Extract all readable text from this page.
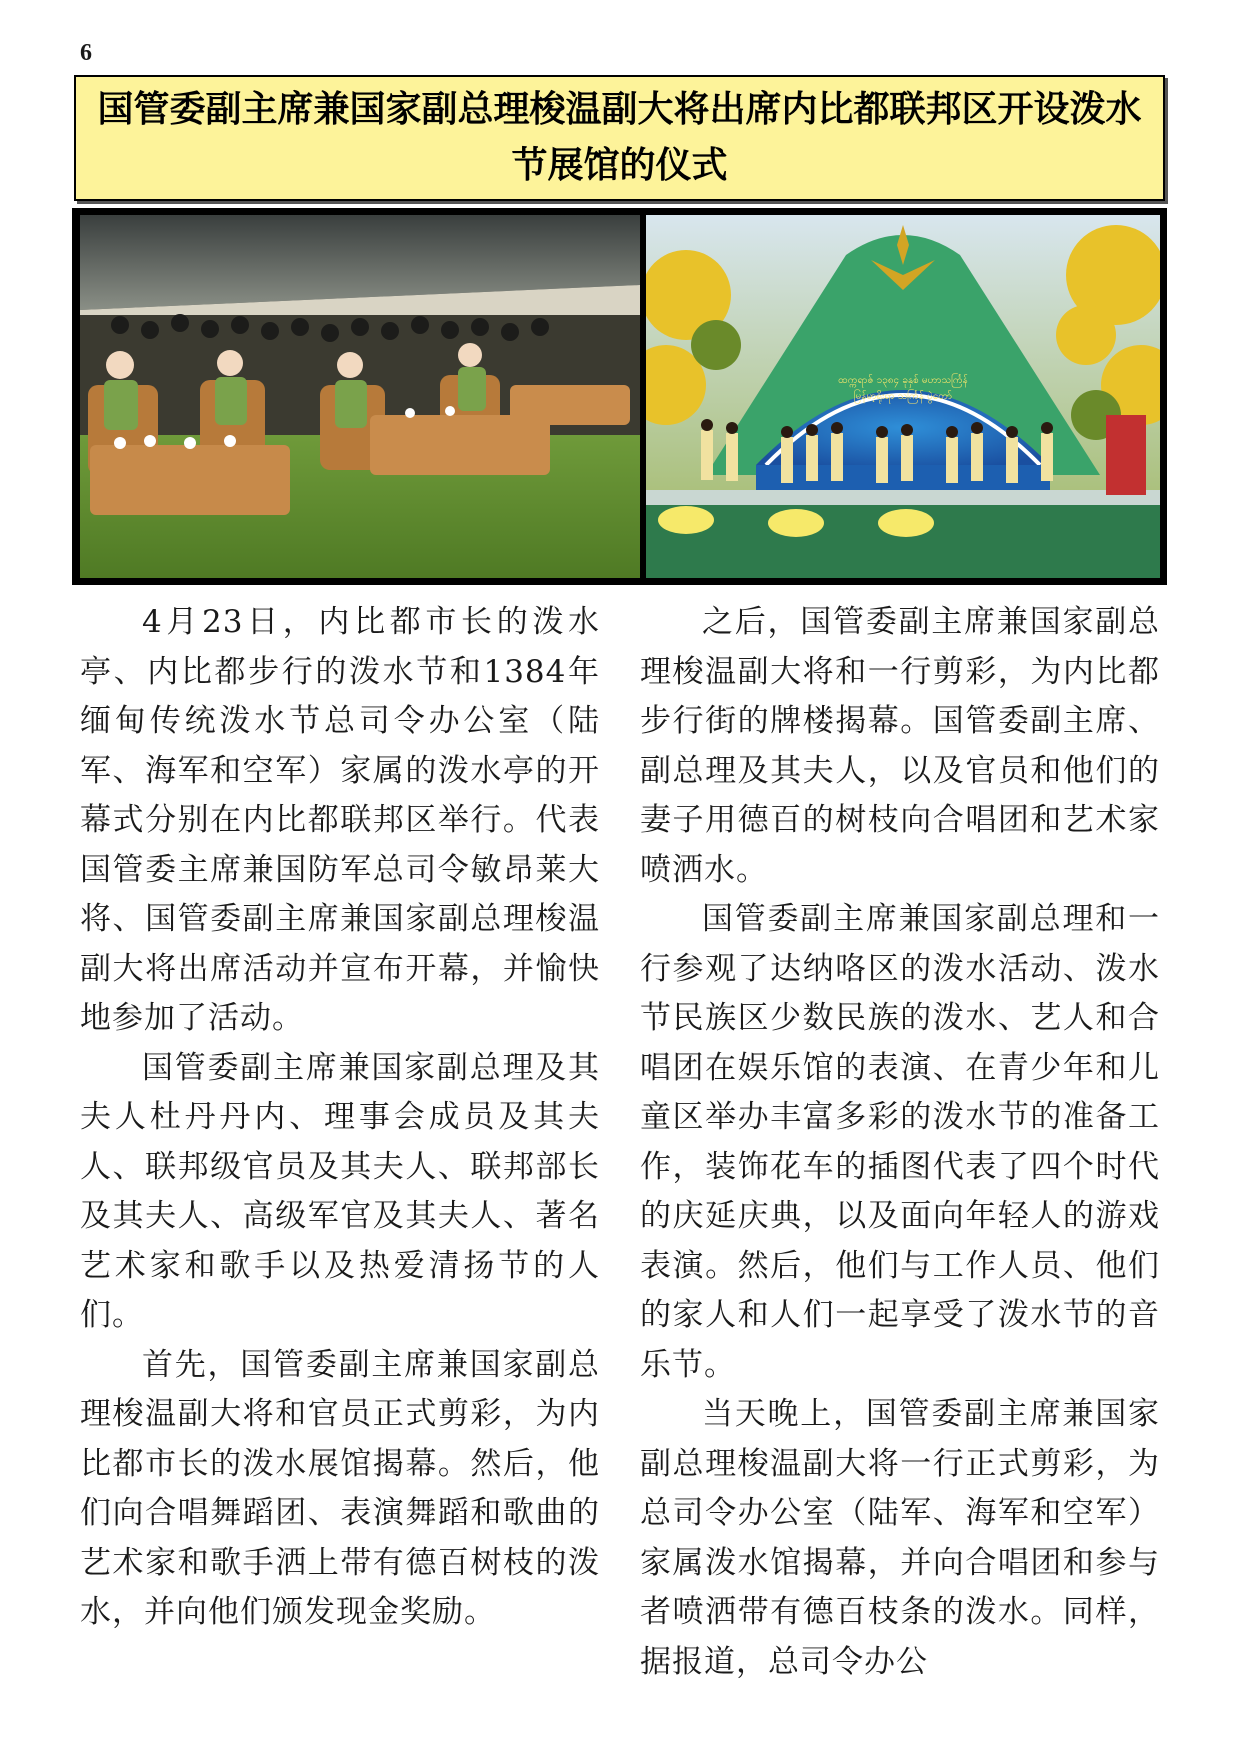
6
国管委副主席兼国家副总理梭温副大将出席内比都联邦区开设泼水节展馆的仪式
ထက္ကရာဇ် ၁၃၈၄ ခုနှစ် မဟာသင်္ကြန်
မြန်မာ့ရိုးရာ သင်္ကြန် ပွဲတော်

4月23日，内比都市长的泼水亭、内比都步行的泼水节和1384年缅甸传统泼水节总司令办公室（陆军、海军和空军）家属的泼水亭的开幕式分别在内比都联邦区举行。代表国管委主席兼国防军总司令敏昂莱大将、国管委副主席兼国家副总理梭温副大将出席活动并宣布开幕，并愉快地参加了活动。

国管委副主席兼国家副总理及其夫人杜丹丹内、理事会成员及其夫人、联邦级官员及其夫人、联邦部长及其夫人、高级军官及其夫人、著名艺术家和歌手以及热爱清扬节的人们。

首先，国管委副主席兼国家副总理梭温副大将和官员正式剪彩，为内比都市长的泼水展馆揭幕。然后，他们向合唱舞蹈团、表演舞蹈和歌曲的艺术家和歌手洒上带有德百树枝的泼水，并向他们颁发现金奖励。

之后，国管委副主席兼国家副总理梭温副大将和一行剪彩，为内比都步行街的牌楼揭幕。国管委副主席、副总理及其夫人，以及官员和他们的妻子用德百的树枝向合唱团和艺术家喷洒水。

国管委副主席兼国家副总理和一行参观了达纳咯区的泼水活动、泼水节民族区少数民族的泼水、艺人和合唱团在娱乐馆的表演、在青少年和儿童区举办丰富多彩的泼水节的准备工作，装饰花车的插图代表了四个时代的庆延庆典，以及面向年轻人的游戏表演。然后，他们与工作人员、他们的家人和人们一起享受了泼水节的音乐节。

当天晚上，国管委副主席兼国家副总理梭温副大将一行正式剪彩，为总司令办公室（陆军、海军和空军）家属泼水馆揭幕，并向合唱团和参与者喷洒带有德百枝条的泼水。同样，据报道，总司令办公
